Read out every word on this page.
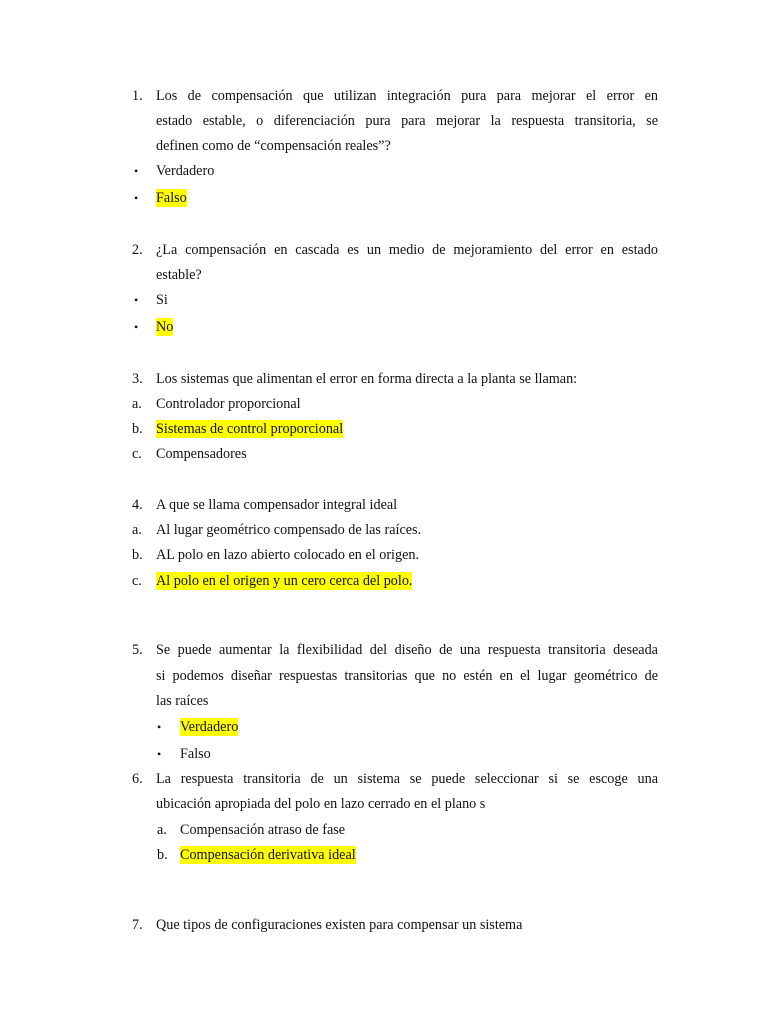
1. Los de compensación que utilizan integración pura para mejorar el error en
estado estable, o diferenciación pura para mejorar la respuesta transitoria, se
definen como de “compensación reales”?
• Verdadero
• Falso
2. ¿La compensación en cascada es un medio de mejoramiento del error en estado
estable?
• Si
• No
3. Los sistemas que alimentan el error en forma directa a la planta se llaman:
a. Controlador proporcional
b. Sistemas de control proporcional
c. Compensadores
4. A que se llama compensador integral ideal
a. Al lugar geométrico compensado de las raíces.
b. AL polo en lazo abierto colocado en el origen.
c. Al polo en el origen y un cero cerca del polo.
5. Se puede aumentar la flexibilidad del diseño de una respuesta transitoria deseada
si podemos diseñar respuestas transitorias que no estén en el lugar geométrico de
las raíces
• Verdadero
• Falso
6. La respuesta transitoria de un sistema se puede seleccionar si se escoge una
ubicación apropiada del polo en lazo cerrado en el plano s
a. Compensación atraso de fase
b. Compensación derivativa ideal
7. Que tipos de configuraciones existen para compensar un sistema
